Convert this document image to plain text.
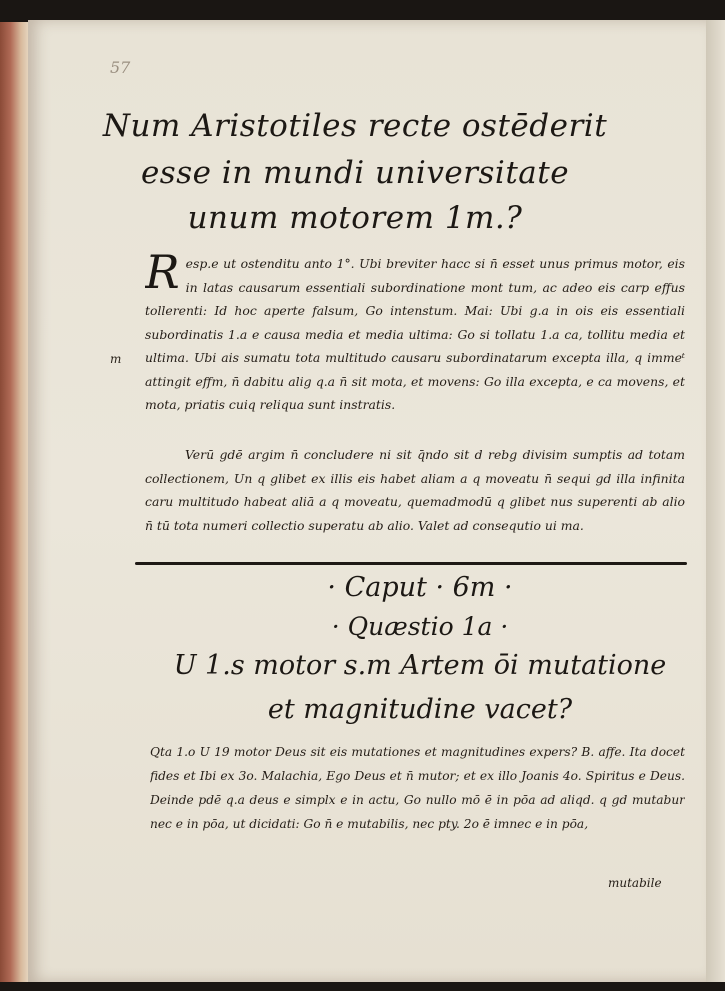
57
Num Aristotiles recte ostēderit
esse in mundi universitate
unum motorem 1m.?
R esp.e ut ostenditu anto 1°. Ubi breviter hacc si n̄ esset unus primus motor, eis in latas causarum essentiali subordinatione mont tum, ac adeo eis carp effus tollerenti: Id hoc aperte falsum, Go intenstum. Mai: Ubi g.a in ois eis essentiali subordinatis 1.a e causa media et media ultima: Go si tollatu 1.a ca, tollitu media et ultima. Ubi ais sumatu tota multitudo causaru subordinatarum excepta illa, q immeᵗ attingit effm, n̄ dabitu alig q.a n̄ sit mota, et movens: Go illa excepta, e ca movens, et mota, priatis cuiq reliqua sunt instratis.
m
Verū gdē argim n̄ concludere ni sit q̄ndo sit d rebg divisim sumptis ad totam collectionem, Un q glibet ex illis eis habet aliam a q moveatu n̄ sequi gd illa infinita caru multitudo habeat aliā a q moveatu, quemadmodū q glibet nus superenti ab alio n̄ tū tota numeri collectio superatu ab alio. Valet ad consequtio ui ma.
· Caput · 6m ·
· Quæstio 1a ·
U 1.s motor s.m Artem ōi mutatione
et magnitudine vacet?
Qta 1.o U 19 motor Deus sit eis mutationes et magnitudines expers? B. affe. Ita docet fides et Ibi ex 3o. Malachia, Ego Deus et n̄ mutor; et ex illo Joanis 4o. Spiritus e Deus. Deinde pdē q.a deus e simplx e in actu, Go nullo mō ē in pōa ad aliqd. q gd mutabur nec e in pōa, ut dicidati: Go n̄ e mutabilis, nec pty. 2o ē imnec e in pōa,
mutabile
